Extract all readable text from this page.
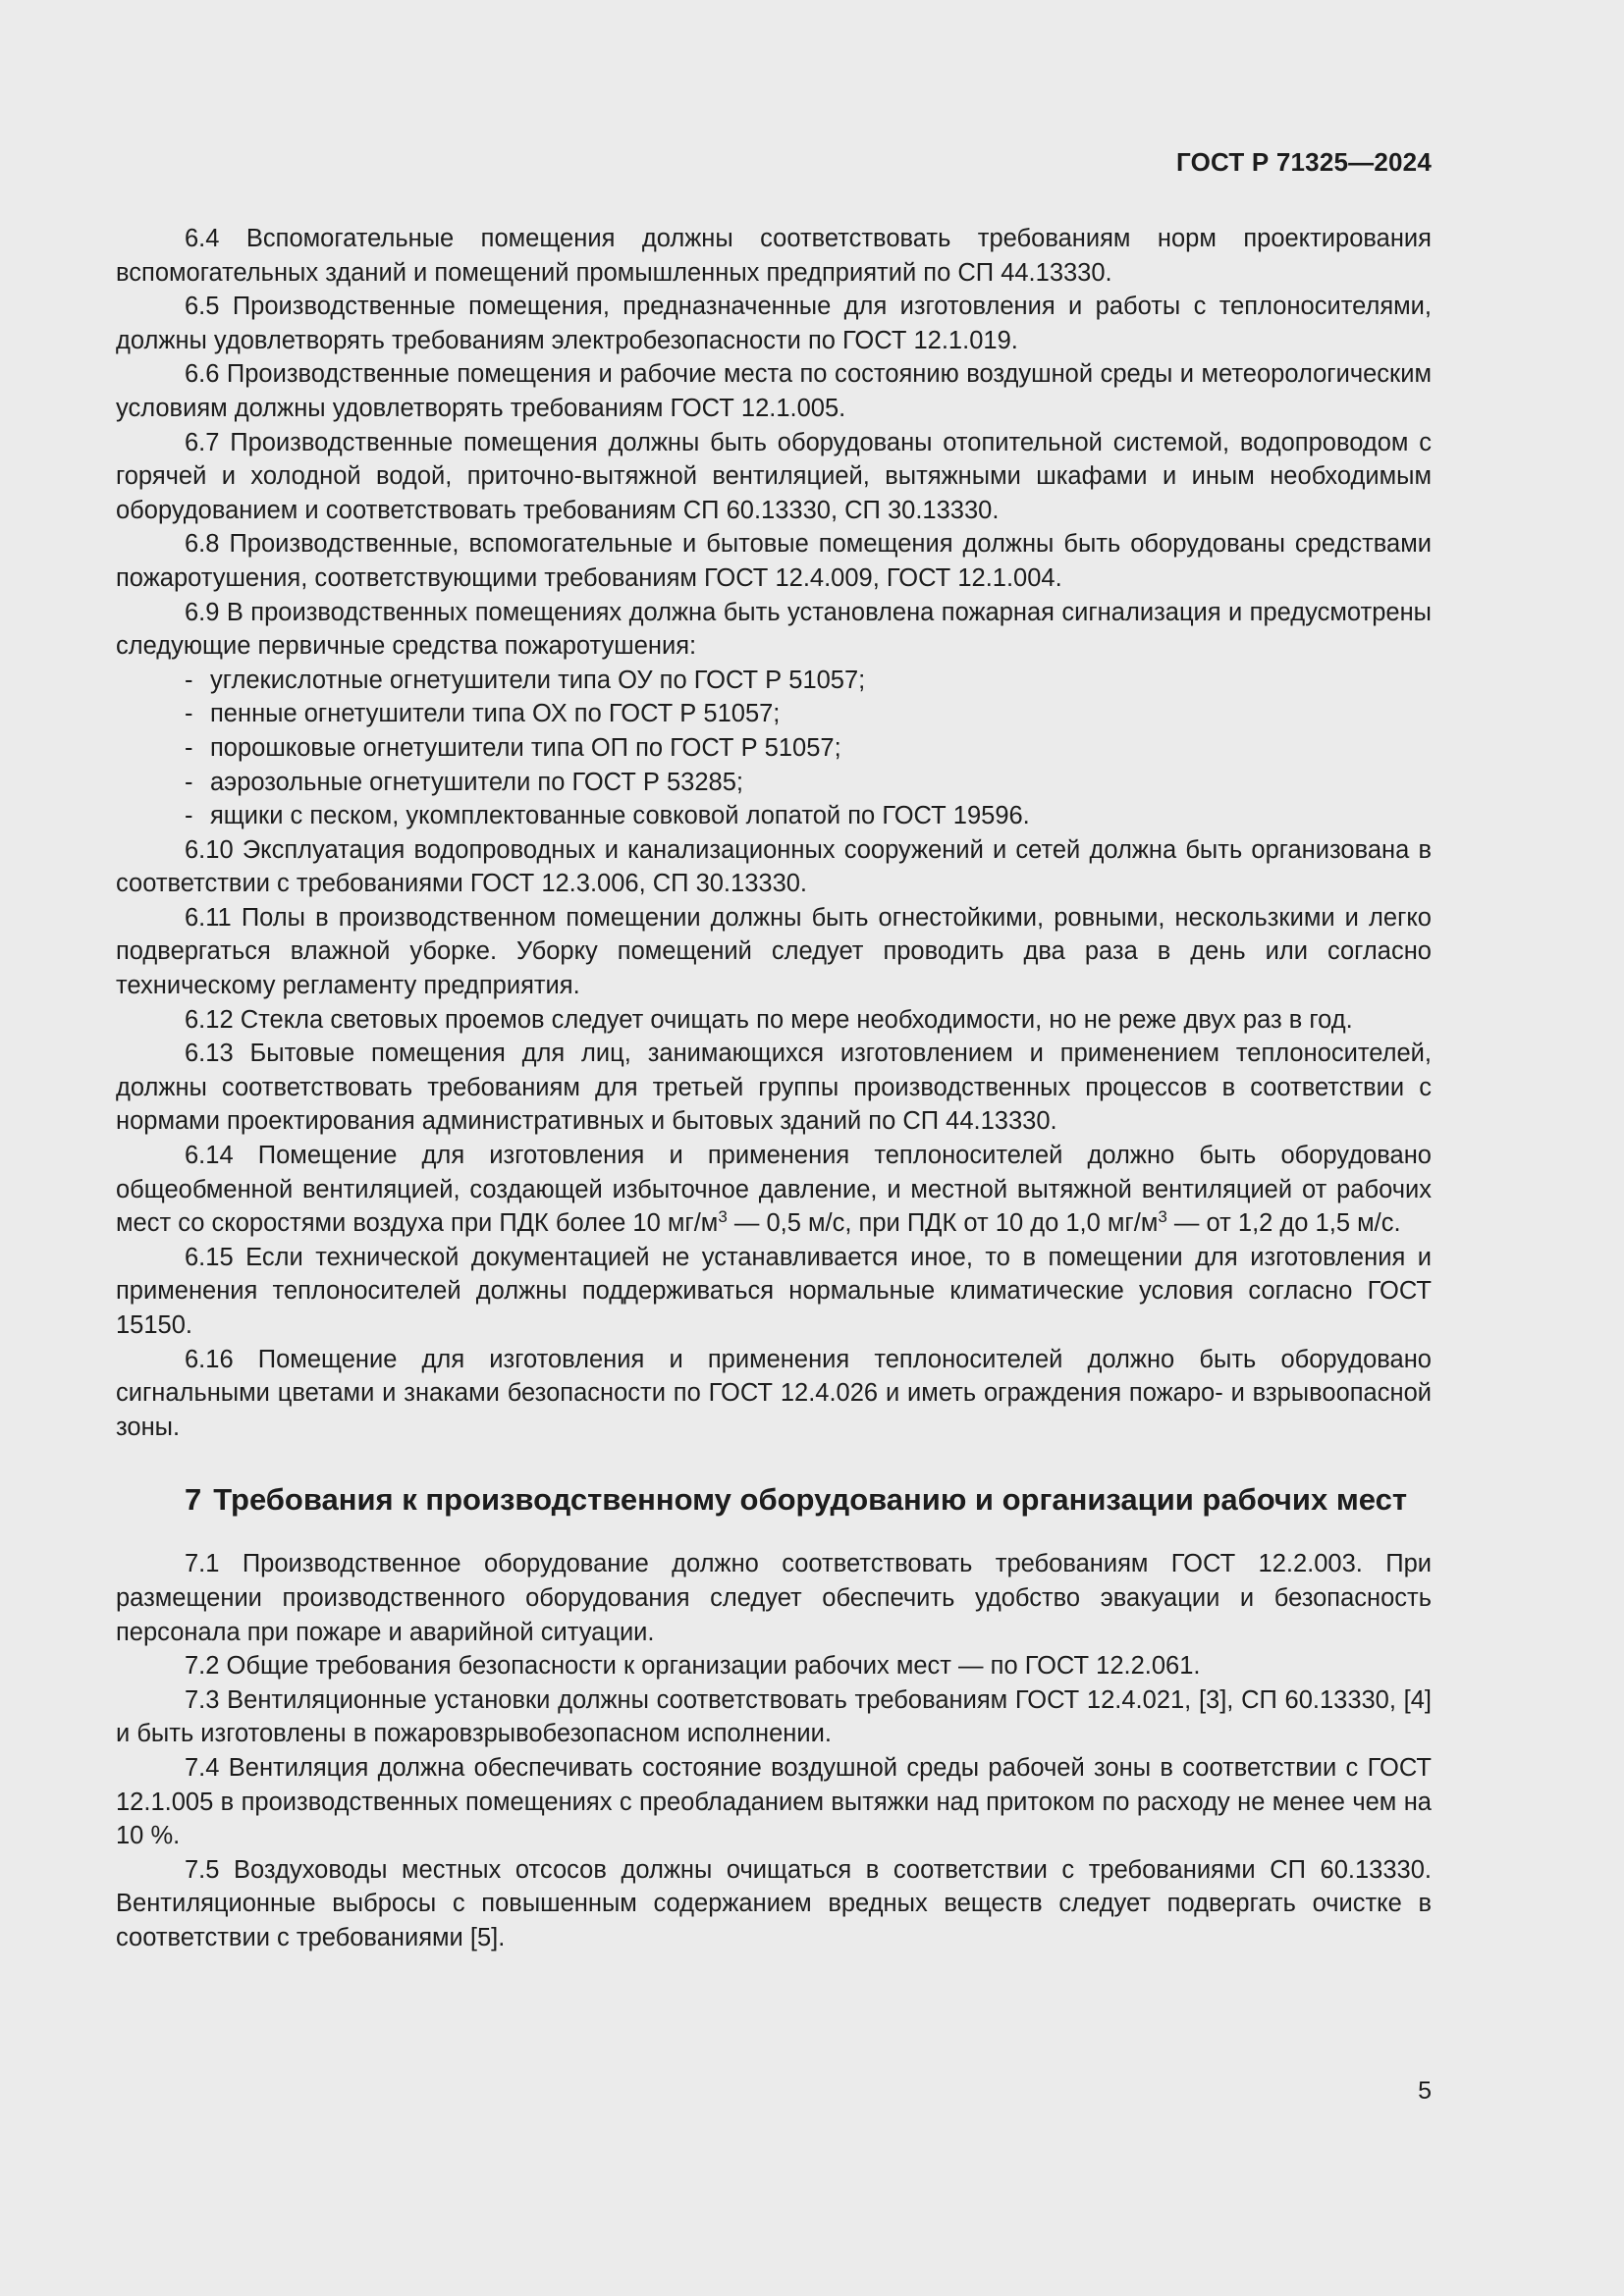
ГОСТ Р 71325—2024

6.4 Вспомогательные помещения должны соответствовать требованиям норм проектирования вспомогательных зданий и помещений промышленных предприятий по СП 44.13330.

6.5 Производственные помещения, предназначенные для изготовления и работы с теплоносителями, должны удовлетворять требованиям электробезопасности по ГОСТ 12.1.019.

6.6 Производственные помещения и рабочие места по состоянию воздушной среды и метеорологическим условиям должны удовлетворять требованиям ГОСТ 12.1.005.

6.7 Производственные помещения должны быть оборудованы отопительной системой, водопроводом с горячей и холодной водой, приточно-вытяжной вентиляцией, вытяжными шкафами и иным необходимым оборудованием и соответствовать требованиям СП 60.13330, СП 30.13330.

6.8 Производственные, вспомогательные и бытовые помещения должны быть оборудованы средствами пожаротушения, соответствующими требованиям ГОСТ 12.4.009, ГОСТ 12.1.004.

6.9 В производственных помещениях должна быть установлена пожарная сигнализация и предусмотрены следующие первичные средства пожаротушения:

- углекислотные огнетушители типа ОУ по ГОСТ Р 51057;
- пенные огнетушители типа ОХ по ГОСТ Р 51057;
- порошковые огнетушители типа ОП по ГОСТ Р 51057;
- аэрозольные огнетушители по ГОСТ Р 53285;
- ящики с песком, укомплектованные совковой лопатой по ГОСТ 19596.

6.10 Эксплуатация водопроводных и канализационных сооружений и сетей должна быть организована в соответствии с требованиями ГОСТ 12.3.006, СП 30.13330.

6.11 Полы в производственном помещении должны быть огнестойкими, ровными, нескользкими и легко подвергаться влажной уборке. Уборку помещений следует проводить два раза в день или согласно техническому регламенту предприятия.

6.12 Стекла световых проемов следует очищать по мере необходимости, но не реже двух раз в год.

6.13 Бытовые помещения для лиц, занимающихся изготовлением и применением теплоносителей, должны соответствовать требованиям для третьей группы производственных процессов в соответствии с нормами проектирования административных и бытовых зданий по СП 44.13330.

6.14 Помещение для изготовления и применения теплоносителей должно быть оборудовано общеобменной вентиляцией, создающей избыточное давление, и местной вытяжной вентиляцией от рабочих мест со скоростями воздуха при ПДК более 10 $мг/м^3$ — 0,5 м/с, при ПДК от 10 до 1,0 $мг/м^3$ — от 1,2 до 1,5 м/с.

6.15 Если технической документацией не устанавливается иное, то в помещении для изготовления и применения теплоносителей должны поддерживаться нормальные климатические условия согласно ГОСТ 15150.

6.16 Помещение для изготовления и применения теплоносителей должно быть оборудовано сигнальными цветами и знаками безопасности по ГОСТ 12.4.026 и иметь ограждения пожаро- и взрывоопасной зоны.

7 Требования к производственному оборудованию и организации рабочих мест

7.1 Производственное оборудование должно соответствовать требованиям ГОСТ 12.2.003. При размещении производственного оборудования следует обеспечить удобство эвакуации и безопасность персонала при пожаре и аварийной ситуации.

7.2 Общие требования безопасности к организации рабочих мест — по ГОСТ 12.2.061.

7.3 Вентиляционные установки должны соответствовать требованиям ГОСТ 12.4.021, [3], СП 60.13330, [4] и быть изготовлены в пожаровзрывобезопасном исполнении.

7.4 Вентиляция должна обеспечивать состояние воздушной среды рабочей зоны в соответствии с ГОСТ 12.1.005 в производственных помещениях с преобладанием вытяжки над притоком по расходу не менее чем на 10 %.

7.5 Воздуховоды местных отсосов должны очищаться в соответствии с требованиями СП 60.13330. Вентиляционные выбросы с повышенным содержанием вредных веществ следует подвергать очистке в соответствии с требованиями [5].

5
